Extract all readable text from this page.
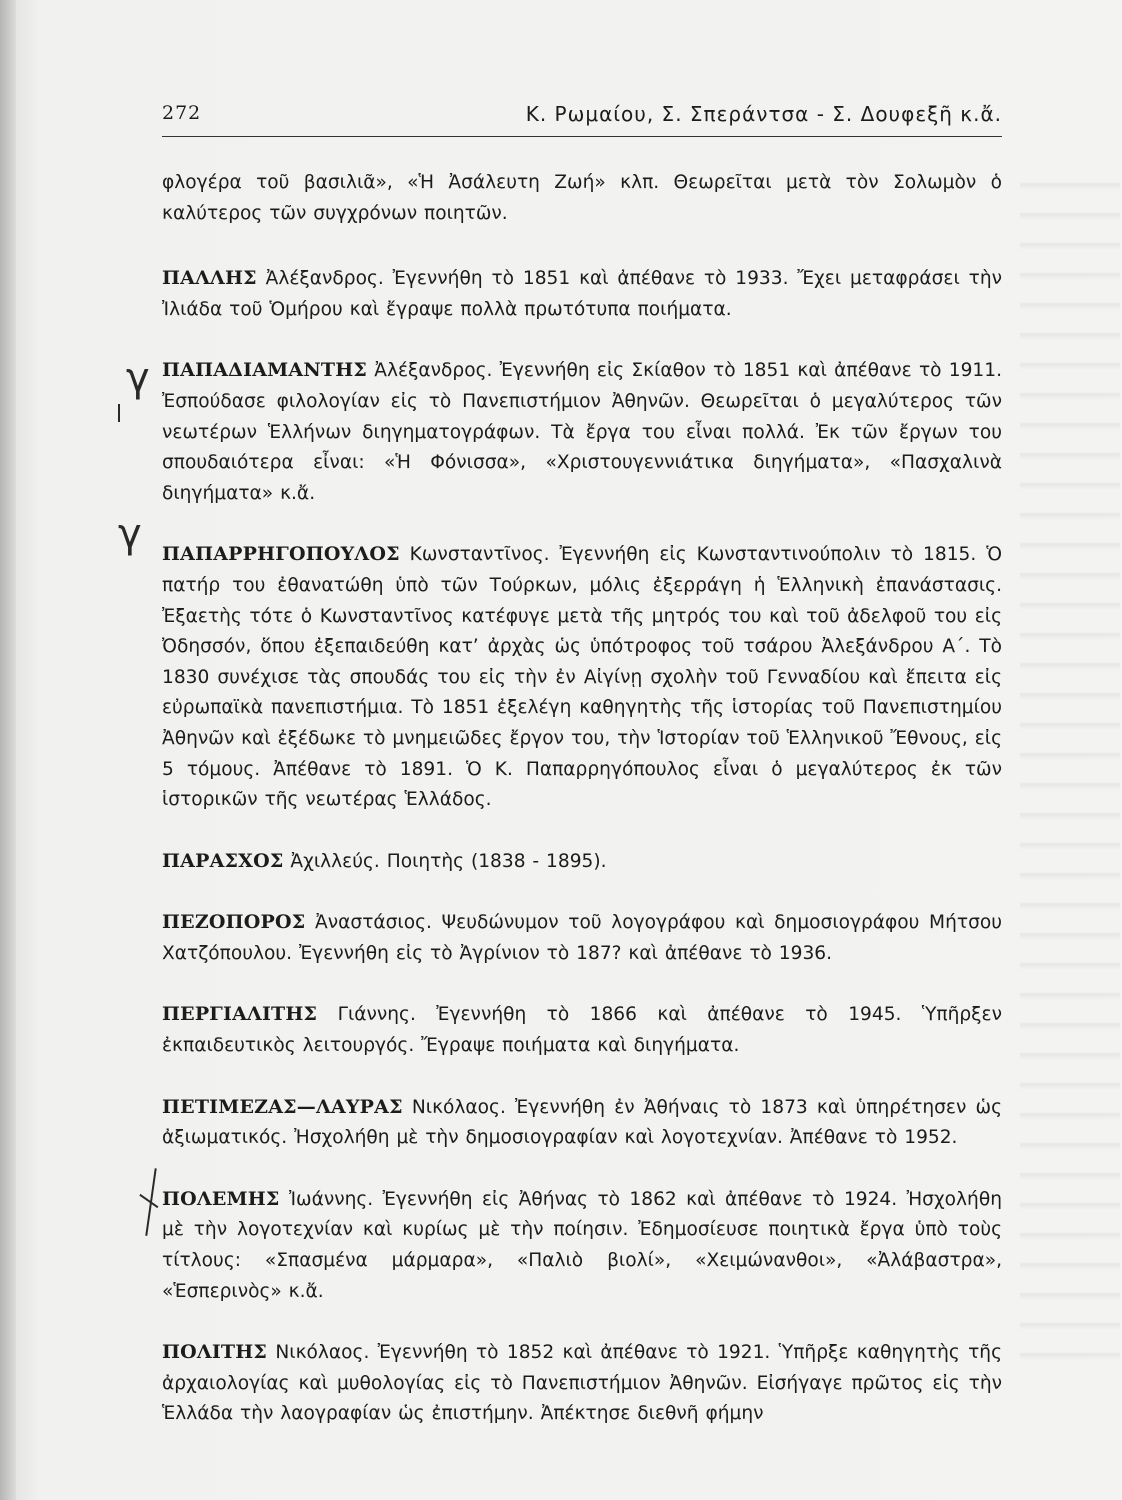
272	Κ. Ρωμαίου, Σ. Σπεράντσα - Σ. Δουφεξῆ κ.ἄ.
γ
γ

φλογέρα τοῦ βασιλιᾶ», «Ἡ Ἀσάλευτη Ζωή» κλπ. Θεωρεῖται μετὰ τὸν Σολωμὸν ὁ καλύτερος τῶν συγχρόνων ποιητῶν.

ΠΑΛΛΗΣ Ἀλέξανδρος. Ἐγεννήθη τὸ 1851 καὶ ἀπέθανε τὸ 1933. Ἔχει μεταφράσει τὴν Ἰλιάδα τοῦ Ὁμήρου καὶ ἔγραψε πολλὰ πρωτότυπα ποιήματα.

ΠΑΠΑΔΙΑΜΑΝΤΗΣ Ἀλέξανδρος. Ἐγεννήθη εἰς Σκίαθον τὸ 1851 καὶ ἀπέθανε τὸ 1911. Ἐσπούδασε φιλολογίαν εἰς τὸ Πανεπιστήμιον Ἀθηνῶν. Θεωρεῖται ὁ μεγαλύτερος τῶν νεωτέρων Ἑλλήνων διηγηματογράφων. Τὰ ἔργα του εἶναι πολλά. Ἐκ τῶν ἔργων του σπουδαιότερα εἶναι: «Ἡ Φόνισσα», «Χριστουγεννιάτικα διηγήματα», «Πασχαλινὰ διηγήματα» κ.ἄ.

ΠΑΠΑΡΡΗΓΟΠΟΥΛΟΣ Κωνσταντῖνος. Ἐγεννήθη εἰς Κωνσταντινούπολιν τὸ 1815. Ὁ πατήρ του ἐθανατώθη ὑπὸ τῶν Τούρκων, μόλις ἐξερράγη ἡ Ἑλληνικὴ ἐπανάστασις. Ἐξαετὴς τότε ὁ Κωνσταντῖνος κατέφυγε μετὰ τῆς μητρός του καὶ τοῦ ἀδελφοῦ του εἰς Ὀδησσόν, ὅπου ἐξεπαιδεύθη κατ’ ἀρχὰς ὡς ὑπότροφος τοῦ τσάρου Ἀλεξάνδρου Α΄. Τὸ 1830 συνέχισε τὰς σπουδάς του εἰς τὴν ἐν Αἰγίνῃ σχολὴν τοῦ Γενναδίου καὶ ἔπειτα εἰς εὐρωπαϊκὰ πανεπιστήμια. Τὸ 1851 ἐξελέγη καθηγητὴς τῆς ἱστορίας τοῦ Πανεπιστημίου Ἀθηνῶν καὶ ἐξέδωκε τὸ μνημειῶδες ἔργον του, τὴν Ἱστορίαν τοῦ Ἑλληνικοῦ Ἔθνους, εἰς 5 τόμους. Ἀπέθανε τὸ 1891. Ὁ Κ. Παπαρρηγόπουλος εἶναι ὁ μεγαλύτερος ἐκ τῶν ἱστορικῶν τῆς νεωτέρας Ἑλλάδος.

ΠΑΡΑΣΧΟΣ Ἀχιλλεύς. Ποιητὴς (1838 - 1895).

ΠΕΖΟΠΟΡΟΣ Ἀναστάσιος. Ψευδώνυμον τοῦ λογογράφου καὶ δημοσιογράφου Μήτσου Χατζόπουλου. Ἐγεννήθη εἰς τὸ Ἀγρίνιον τὸ 187? καὶ ἀπέθανε τὸ 1936.

ΠΕΡΓΙΑΛΙΤΗΣ Γιάννης. Ἐγεννήθη τὸ 1866 καὶ ἀπέθανε τὸ 1945. Ὑπῆρξεν ἐκπαιδευτικὸς λειτουργός. Ἔγραψε ποιήματα καὶ διηγήματα.

ΠΕΤΙΜΕΖΑΣ—ΛΑΥΡΑΣ Νικόλαος. Ἐγεννήθη ἐν Ἀθήναις τὸ 1873 καὶ ὑπηρέτησεν ὡς ἀξιωματικός. Ἠσχολήθη μὲ τὴν δημοσιογραφίαν καὶ λογοτεχνίαν. Ἀπέθανε τὸ 1952.

ΠΟΛΕΜΗΣ Ἰωάννης. Ἐγεννήθη εἰς Ἀθήνας τὸ 1862 καὶ ἀπέθανε τὸ 1924. Ἠσχολήθη μὲ τὴν λογοτεχνίαν καὶ κυρίως μὲ τὴν ποίησιν. Ἐδημοσίευσε ποιητικὰ ἔργα ὑπὸ τοὺς τίτλους: «Σπασμένα μάρμαρα», «Παλιὸ βιολί», «Χειμώνανθοι», «Ἀλάβαστρα», «Ἑσπερινὸς» κ.ἄ.

ΠΟΛΙΤΗΣ Νικόλαος. Ἐγεννήθη τὸ 1852 καὶ ἀπέθανε τὸ 1921. Ὑπῆρξε καθηγητὴς τῆς ἀρχαιολογίας καὶ μυθολογίας εἰς τὸ Πανεπιστήμιον Ἀθηνῶν. Εἰσήγαγε πρῶτος εἰς τὴν Ἑλλάδα τὴν λαογραφίαν ὡς ἐπιστήμην. Ἀπέκτησε διεθνῆ φήμην
